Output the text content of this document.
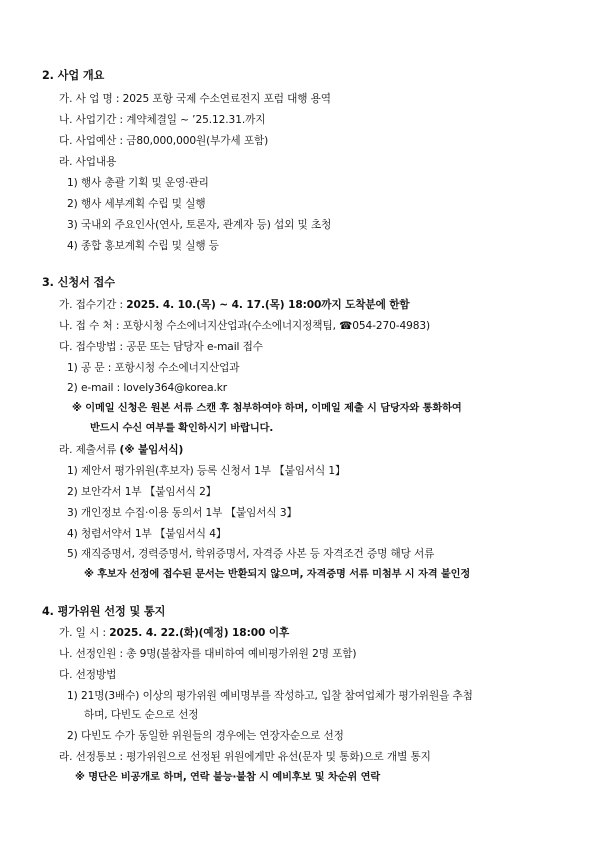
2. 사업 개요
가. 사 업 명 : 2025 포항 국제 수소연료전지 포럼 대행 용역
나. 사업기간 : 계약체결일 ~ ’25.12.31.까지
다. 사업예산 : 금80,000,000원(부가세 포함)
라. 사업내용
1) 행사 총괄 기획 및 운영·관리
2) 행사 세부계획 수립 및 실행
3) 국내외 주요인사(연사, 토론자, 관계자 등) 섭외 및 초청
4) 종합 홍보계획 수립 및 실행 등
3. 신청서 접수
가. 접수기간 : 2025. 4. 10.(목) ~ 4. 17.(목) 18:00까지 도착분에 한함
나. 접 수 처 : 포항시청 수소에너지산업과(수소에너지정책팀, ☎054-270-4983)
다. 접수방법 : 공문 또는 담당자 e-mail 접수
1) 공 문 : 포항시청 수소에너지산업과
2) e-mail : lovely364@korea.kr
※ 이메일 신청은 원본 서류 스캔 후 첨부하여야 하며, 이메일 제출 시 담당자와 통화하여
반드시 수신 여부를 확인하시기 바랍니다.
라. 제출서류 (※ 붙임서식)
1) 제안서 평가위원(후보자) 등록 신청서 1부 【붙임서식 1】
2) 보안각서 1부 【붙임서식 2】
3) 개인정보 수집·이용 동의서 1부 【붙임서식 3】
4) 청렴서약서 1부 【붙임서식 4】
5) 재직증명서, 경력증명서, 학위증명서, 자격증 사본 등 자격조건 증명 해당 서류
※ 후보자 선정에 접수된 문서는 반환되지 않으며, 자격증명 서류 미첨부 시 자격 불인정
4. 평가위원 선정 및 통지
가. 일 시 : 2025. 4. 22.(화)(예정) 18:00 이후
나. 선정인원 : 총 9명(불참자를 대비하여 예비평가위원 2명 포함)
다. 선정방법
1) 21명(3배수) 이상의 평가위원 예비명부를 작성하고, 입찰 참여업체가 평가위원을 추첨
하며, 다빈도 순으로 선정
2) 다빈도 수가 동일한 위원들의 경우에는 연장자순으로 선정
라. 선정통보 : 평가위원으로 선정된 위원에게만 유선(문자 및 통화)으로 개별 통지
※ 명단은 비공개로 하며, 연락 불능·불참 시 예비후보 및 차순위 연락
